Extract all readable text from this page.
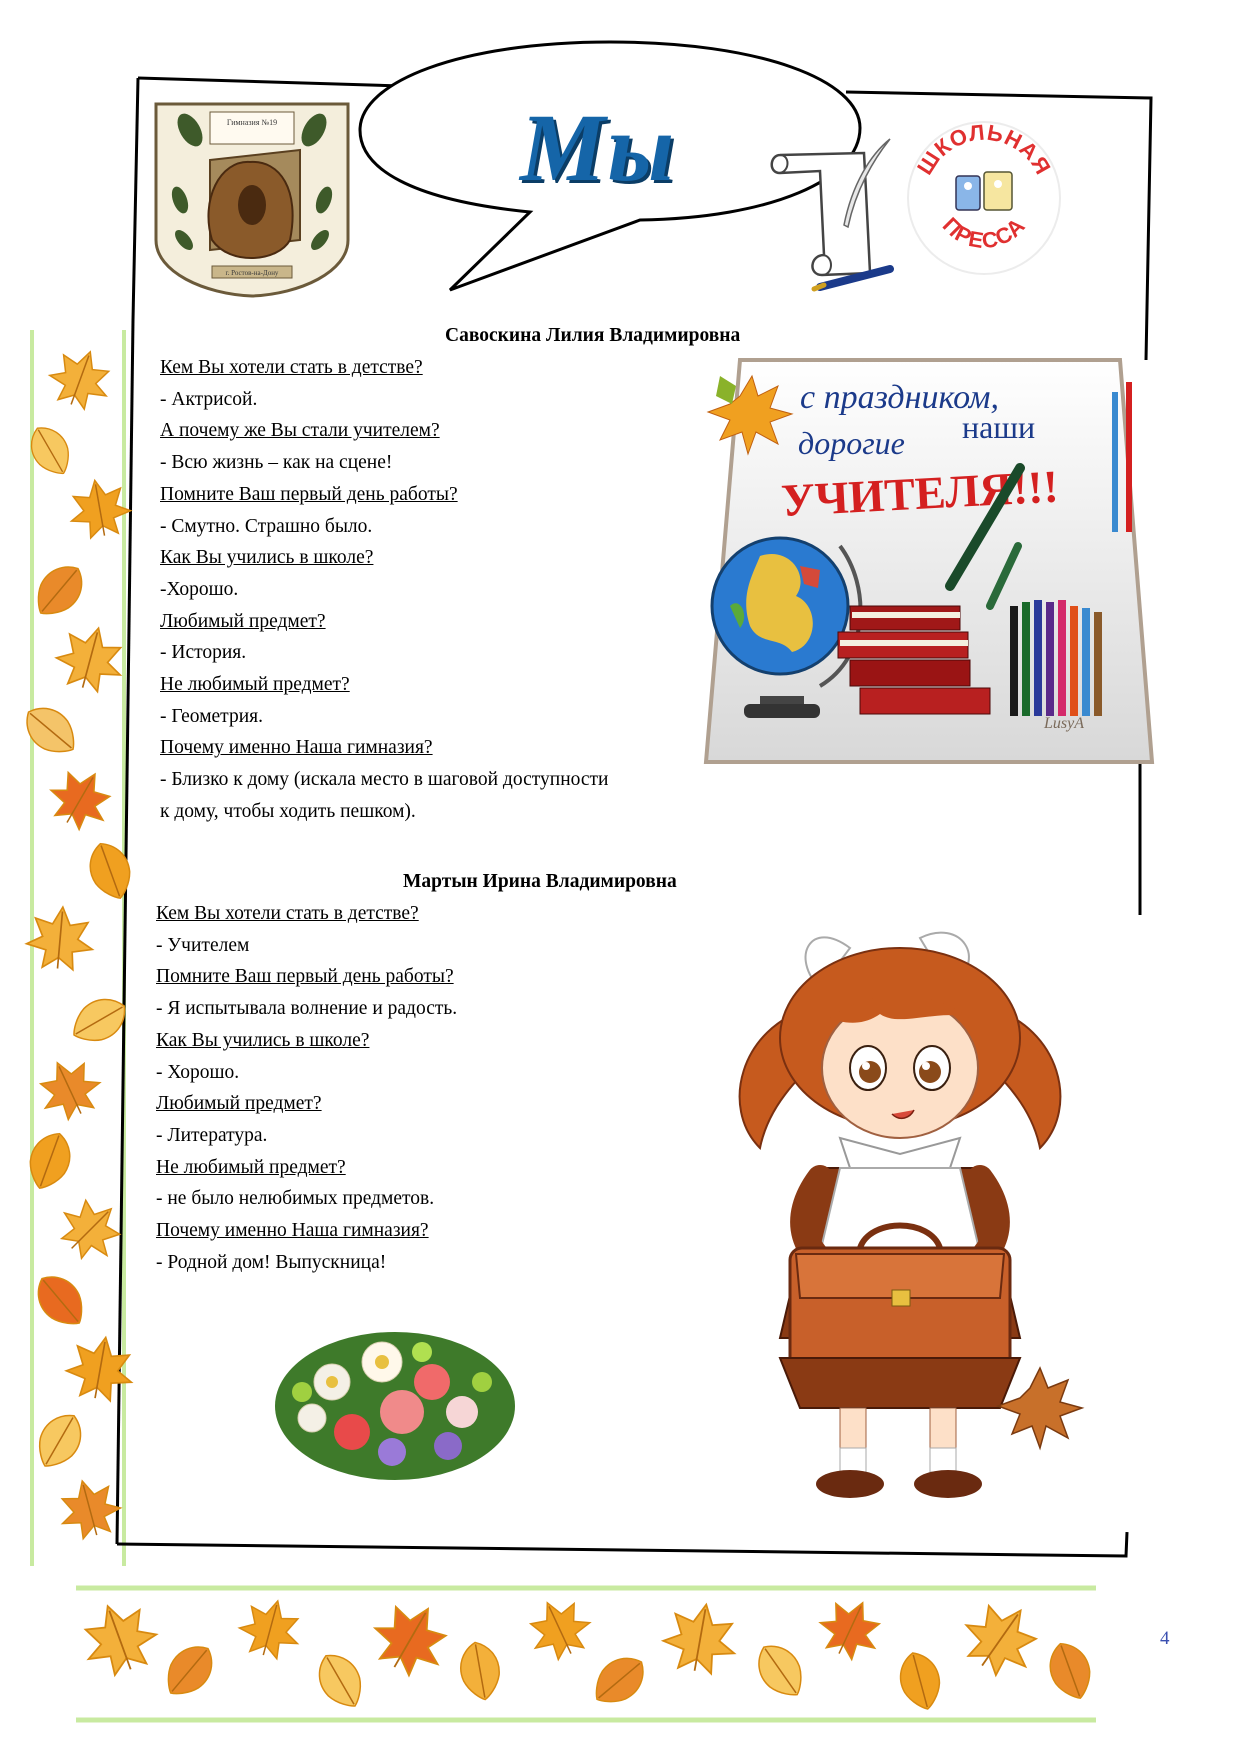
Мы
Гимназия №19
г. Ростов-на-Дону
ШКОЛЬНАЯ
ПРЕССА
с праздником,
дорогие наши
УЧИТЕЛЯ!!!
LusyA
Савоскина Лилия Владимировна

Кем Вы хотели стать в детстве?

- Актрисой.

А почему же Вы стали учителем?

- Всю жизнь – как на сцене!

Помните Ваш первый день работы?

- Смутно. Страшно было.

Как Вы учились в школе?

-Хорошо.

Любимый предмет?

- История.

Не любимый предмет?

- Геометрия.

Почему именно Наша гимназия?

- Близко к дому (искала место в шаговой доступности

к дому, чтобы ходить пешком).

Мартын Ирина Владимировна

Кем Вы хотели стать в детстве?

- Учителем

Помните Ваш первый день работы?

- Я испытывала волнение и радость.

Как Вы учились в школе?

- Хорошо.

Любимый предмет?

- Литература.

Не любимый предмет?

- не было нелюбимых предметов.

Почему именно Наша гимназия?

- Родной дом! Выпускница!

4
